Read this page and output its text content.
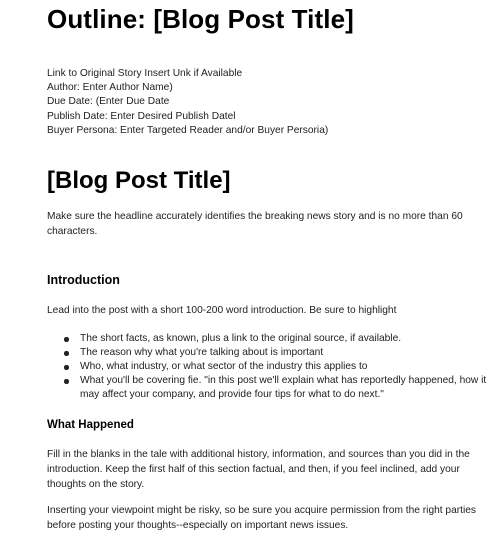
Outline: [Blog Post Title]
Link to Original Story Insert Unk if Available
Author: Enter Author Name)
Due Date: (Enter Due Date
Publish Date: Enter Desired Publish Datel
Buyer Persona: Enter Targeted Reader and/or Buyer Persoria)
[Blog Post Title]

Make sure the headline accurately identifies the breaking news story and is no more than 60 characters.

Introduction

Lead into the post with a short 100-200 word introduction. Be sure to highlight

The short facts, as known, plus a link to the original source, if available.
The reason why what you're talking about is important
Who, what industry, or what sector of the industry this applies to
What you'll be covering fie. "in this post we'll explain what has reportedly happened, how it may affect your company, and provide four tips for what to do next."
What Happened

Fill in the blanks in the tale with additional history, information, and sources than you did in the introduction. Keep the first half of this section factual, and then, if you feel inclined, add your thoughts on the story.

Inserting your viewpoint might be risky, so be sure you acquire permission from the right parties before posting your thoughts--especially on important news issues.
